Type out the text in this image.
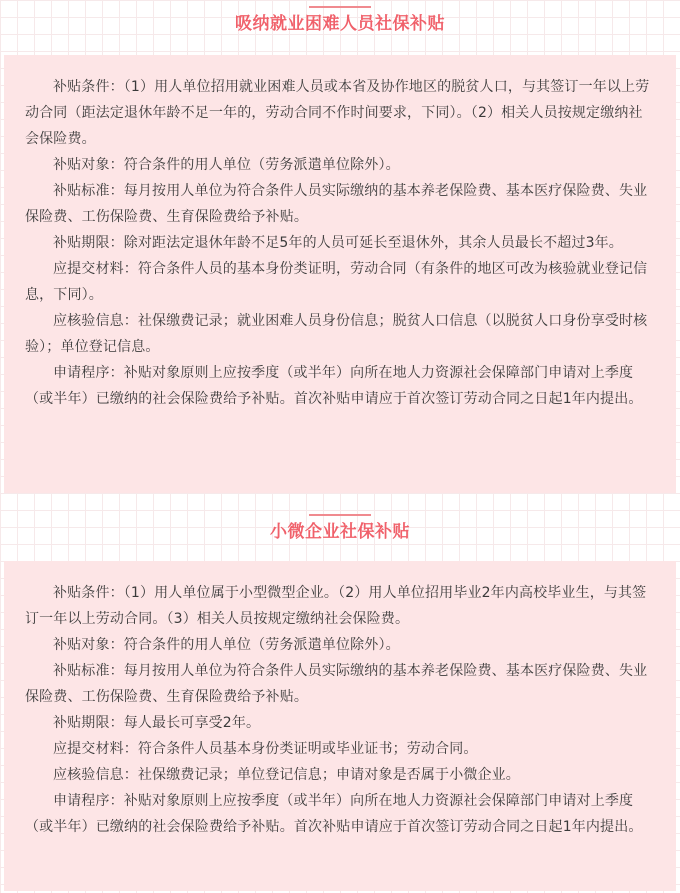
吸纳就业困难人员社保补贴

补贴条件：（1）用人单位招用就业困难人员或本省及协作地区的脱贫人口，与其签订一年以上劳动合同（距法定退休年龄不足一年的，劳动合同不作时间要求，下同）。（2）相关人员按规定缴纳社会保险费。

补贴对象：符合条件的用人单位（劳务派遣单位除外）。

补贴标准：每月按用人单位为符合条件人员实际缴纳的基本养老保险费、基本医疗保险费、失业保险费、工伤保险费、生育保险费给予补贴。

补贴期限：除对距法定退休年龄不足5年的人员可延长至退休外，其余人员最长不超过3年。

应提交材料：符合条件人员的基本身份类证明，劳动合同（有条件的地区可改为核验就业登记信息，下同）。

应核验信息：社保缴费记录；就业困难人员身份信息；脱贫人口信息（以脱贫人口身份享受时核验）；单位登记信息。

申请程序：补贴对象原则上应按季度（或半年）向所在地人力资源社会保障部门申请对上季度（或半年）已缴纳的社会保险费给予补贴。首次补贴申请应于首次签订劳动合同之日起1年内提出。

小微企业社保补贴

补贴条件：（1）用人单位属于小型微型企业。（2）用人单位招用毕业2年内高校毕业生，与其签订一年以上劳动合同。（3）相关人员按规定缴纳社会保险费。

补贴对象：符合条件的用人单位（劳务派遣单位除外）。

补贴标准：每月按用人单位为符合条件人员实际缴纳的基本养老保险费、基本医疗保险费、失业保险费、工伤保险费、生育保险费给予补贴。

补贴期限：每人最长可享受2年。

应提交材料：符合条件人员基本身份类证明或毕业证书；劳动合同。

应核验信息：社保缴费记录；单位登记信息；申请对象是否属于小微企业。

申请程序：补贴对象原则上应按季度（或半年）向所在地人力资源社会保障部门申请对上季度（或半年）已缴纳的社会保险费给予补贴。首次补贴申请应于首次签订劳动合同之日起1年内提出。
